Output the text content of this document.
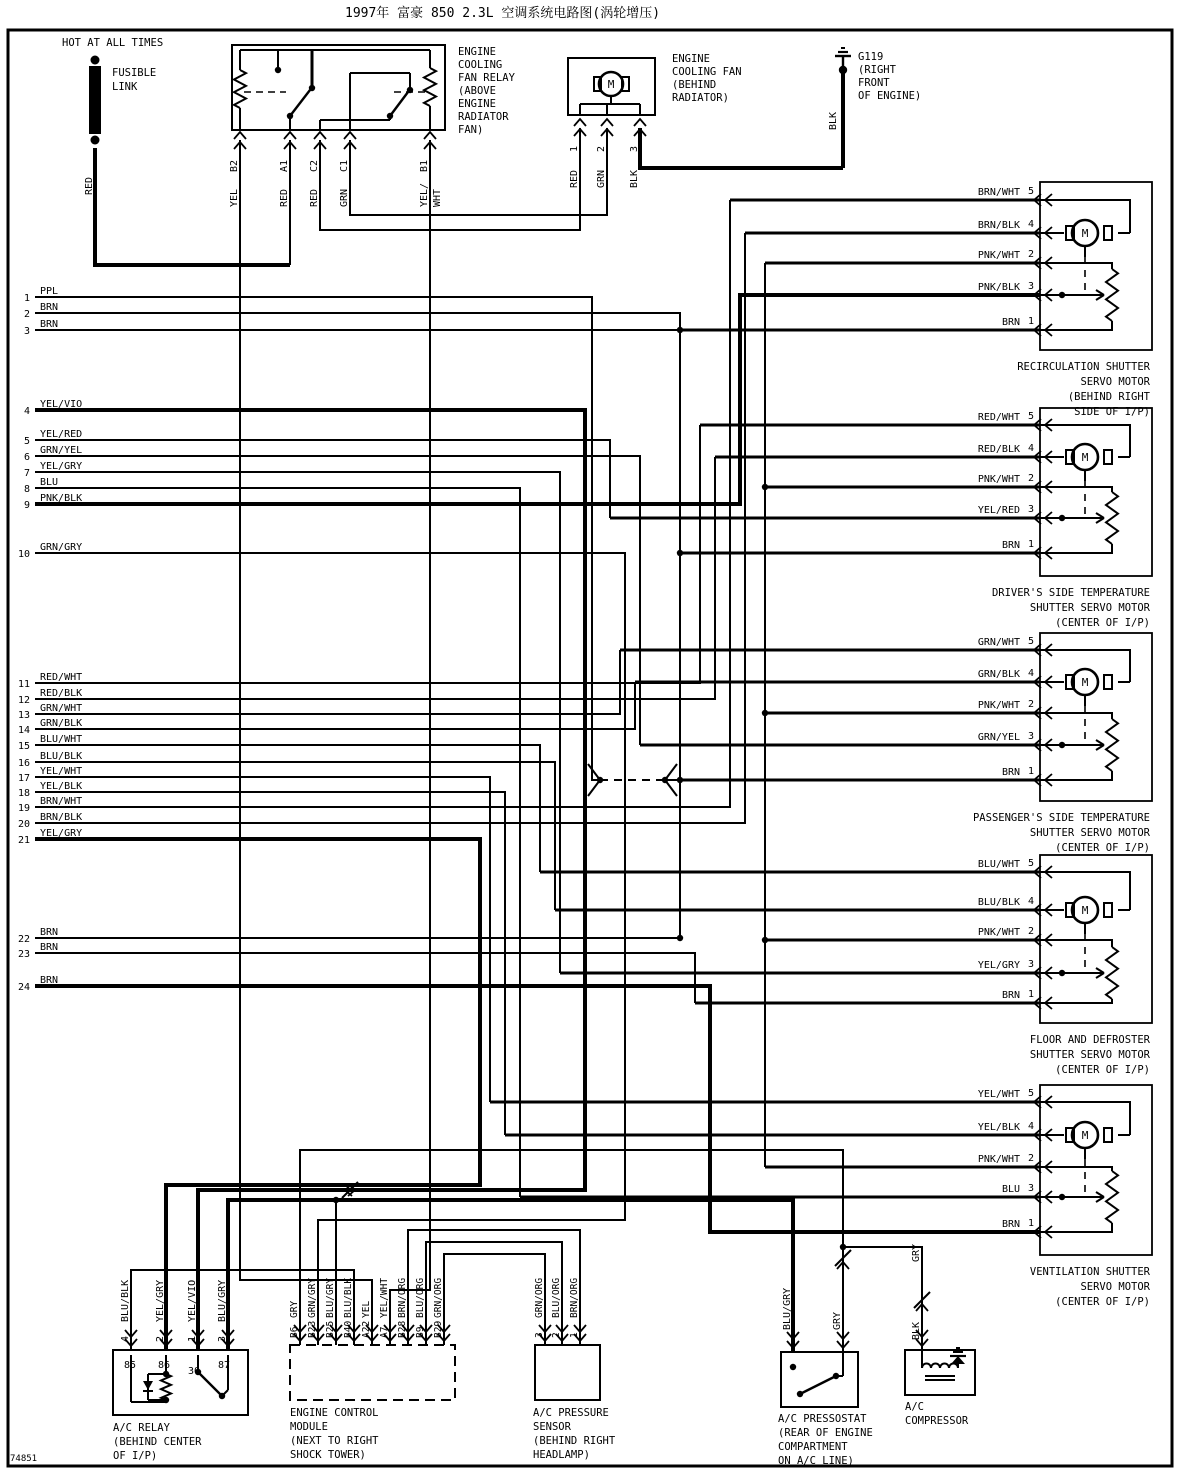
1997年 富豪 850 2.3L 空调系统电路图(涡轮增压)
74851
HOT AT ALL TIMES
FUSIBLE
LINK
RED
B2
YEL
A1
RED
C2
RED
C1
GRN
B1
YEL/ WHT
ENGINE
COOLING
FAN RELAY
(ABOVE
ENGINE
RADIATOR
FAN)
M
1
RED
2
GRN
3
BLK
ENGINE
COOLING FAN
(BEHIND
RADIATOR)
G119
(RIGHT
FRONT
OF ENGINE)
BLK
M
BRN/WHT 5
BRN/BLK 4
PNK/WHT 2
PNK/BLK 3
BRN 1
RECIRCULATION SHUTTER
SERVO MOTOR
(BEHIND RIGHT
SIDE OF I/P)
M
RED/WHT 5
RED/BLK 4
PNK/WHT 2
YEL/RED 3
BRN 1
DRIVER'S SIDE TEMPERATURE
SHUTTER SERVO MOTOR
(CENTER OF I/P)
M
GRN/WHT 5
GRN/BLK 4
PNK/WHT 2
GRN/YEL 3
BRN 1
PASSENGER'S SIDE TEMPERATURE
SHUTTER SERVO MOTOR
(CENTER OF I/P)
M
BLU/WHT 5
BLU/BLK 4
PNK/WHT 2
YEL/GRY 3
BRN 1
FLOOR AND DEFROSTER
SHUTTER SERVO MOTOR
(CENTER OF I/P)
M
YEL/WHT 5
YEL/BLK 4
PNK/WHT 2
BLU 3
BRN 1
VENTILATION SHUTTER
SERVO MOTOR
(CENTER OF I/P)
1
PPL
2
BRN
3
BRN
4
YEL/VIO
5
YEL/RED
6
GRN/YEL
7
YEL/GRY
8
BLU
9
PNK/BLK
10
GRN/GRY
11
RED/WHT
12
RED/BLK
13
GRN/WHT
14
GRN/BLK
15
BLU/WHT
16
BLU/BLK
17
YEL/WHT
18
YEL/BLK
19
BRN/WHT
20
BRN/BLK
21
YEL/GRY
22
BRN
23
BRN
24
BRN
4
BLU/BLK
2
YEL/GRY
1
YEL/VIO
3
BLU/GRY
85 86
30
87
A/C RELAY
(BEHIND CENTER
OF I/P)
B6
GRY
B23
GRN/GRY
B25
BLU/GRY
B40
BLU/BLK
A22
YEL
A7
YEL/WHT
B28
BRN/ORG
B9
BLU/ORG
B29
GRN/ORG
ENGINE CONTROL
MODULE
(NEXT TO RIGHT
SHOCK TOWER)
3
GRN/ORG
2
BLU/ORG
1
BRN/ORG
A/C PRESSURE
SENSOR
(BEHIND RIGHT
HEADLAMP)
BLU/GRY	GRY
A/C PRESSOSTAT
(REAR OF ENGINE
COMPARTMENT
ON A/C LINE)
BLK
GRY
A/C
COMPRESSOR
